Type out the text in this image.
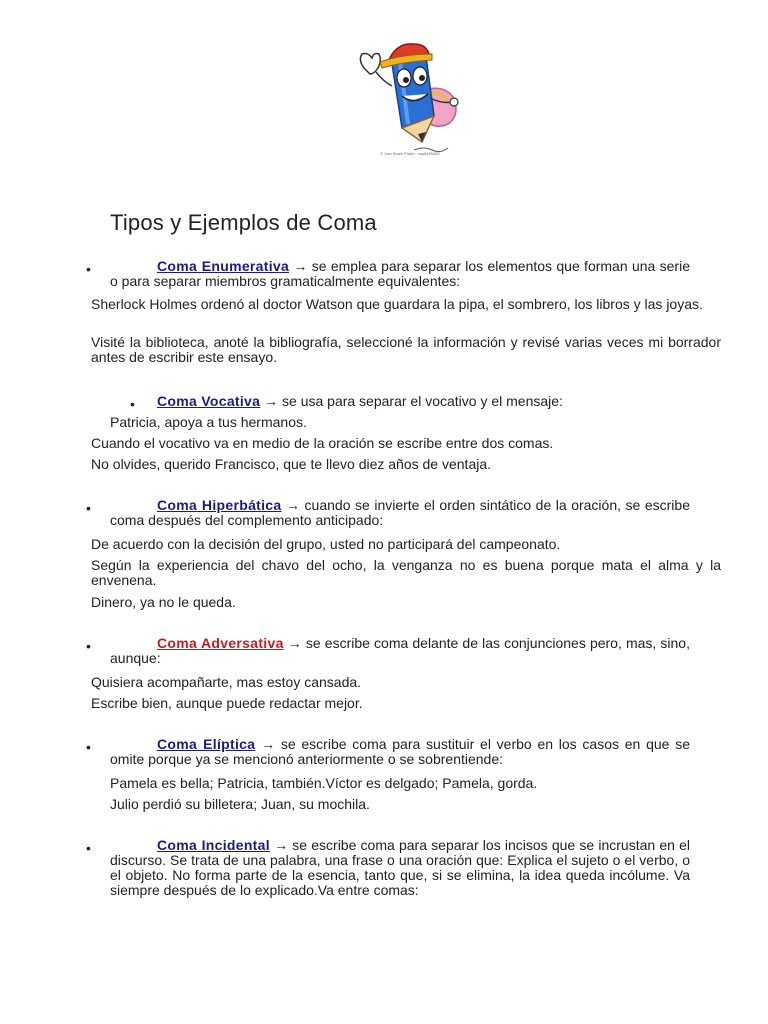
© Can Stock Photo - csp8405450
Tipos y Ejemplos de Coma
•	Coma Enumerativa → se emplea para separar los elementos que forman una serie o para separar miembros gramaticalmente equivalentes:
Sherlock Holmes ordenó al doctor Watson que guardara la pipa, el sombrero, los libros y las joyas.
Visité la biblioteca, anoté la bibliografía, seleccioné la información y revisé varias veces mi borrador antes de escribir este ensayo.
•	Coma Vocativa → se usa para separar el vocativo y el mensaje:
Patricia, apoya a tus hermanos.
Cuando el vocativo va en medio de la oración se escribe entre dos comas.
No olvides, querido Francisco, que te llevo diez años de ventaja.
•	Coma Hiperbática → cuando se invierte el orden sintático de la oración, se escribe coma después del complemento anticipado:
De acuerdo con la decisión del grupo, usted no participará del campeonato.
Según la experiencia del chavo del ocho, la venganza no es buena porque mata el alma y la envenena.
Dinero, ya no le queda.
•	Coma Adversativa → se escribe coma delante de las conjunciones pero, mas, sino, aunque:
Quisiera acompañarte, mas estoy cansada.
Escribe bien, aunque puede redactar mejor.
•	Coma Elíptica → se escribe coma para sustituir el verbo en los casos en que se omite porque ya se mencionó anteriormente o se sobrentiende:
Pamela es bella; Patricia, también.Víctor es delgado; Pamela, gorda.
Julio perdió su billetera; Juan, su mochila.
•	Coma Incidental → se escribe coma para separar los incisos que se incrustan en el discurso. Se trata de una palabra, una frase o una oración que: Explica el sujeto o el verbo, o el objeto. No forma parte de la esencia, tanto que, si se elimina, la idea queda incólume. Va siempre después de lo explicado.Va entre comas:
